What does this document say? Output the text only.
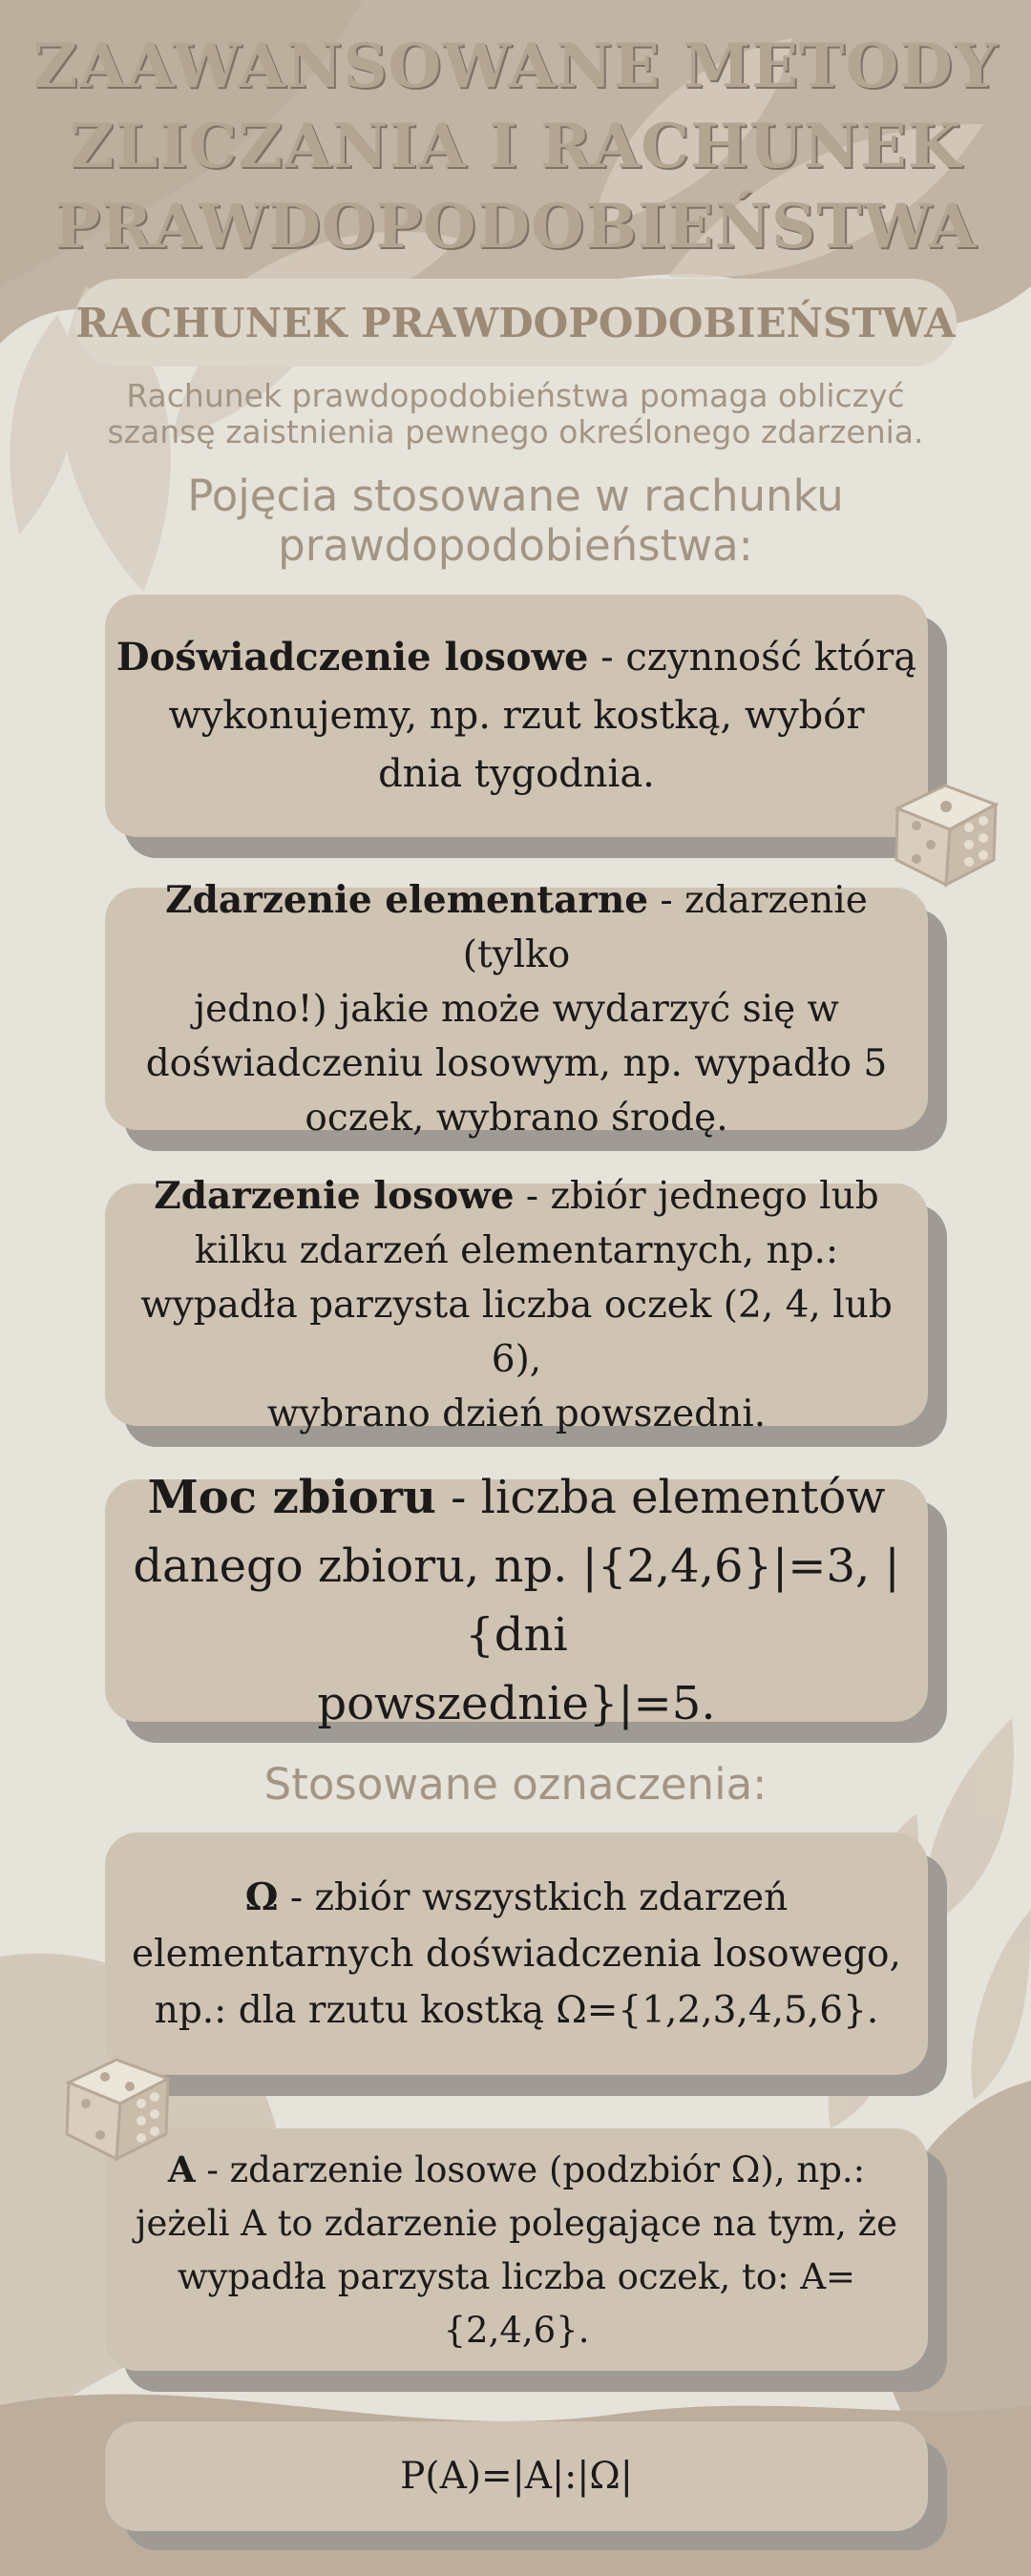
ZAAWANSOWANE METODY
ZLICZANIA I RACHUNEK
PRAWDOPODOBIEŃSTWA
RACHUNEK PRAWDOPODOBIEŃSTWA
Rachunek prawdopodobieństwa pomaga obliczyć
szansę zaistnienia pewnego określonego zdarzenia.
Pojęcia stosowane w rachunku
prawdopodobieństwa:

Doświadczenie losowe - czynność którą
wykonujemy, np. rzut kostką, wybór
dnia tygodnia.

Zdarzenie elementarne - zdarzenie (tylko
jedno!) jakie może wydarzyć się w
doświadczeniu losowym, np. wypadło 5
oczek, wybrano środę.

Zdarzenie losowe - zbiór jednego lub
kilku zdarzeń elementarnych, np.:
wypadła parzysta liczba oczek (2, 4, lub 6),
wybrano dzień powszedni.

Moc zbioru - liczba elementów
danego zbioru, np. |{2,4,6}|=3, |{dni
powszednie}|=5.

Stosowane oznaczenia:

Ω - zbiór wszystkich zdarzeń
elementarnych doświadczenia losowego,
np.: dla rzutu kostką Ω={1,2,3,4,5,6}.

A - zdarzenie losowe (podzbiór Ω), np.:
jeżeli A to zdarzenie polegające na tym, że
wypadła parzysta liczba oczek, to: A={2,4,6}.

P(A)=|A|:|Ω|
